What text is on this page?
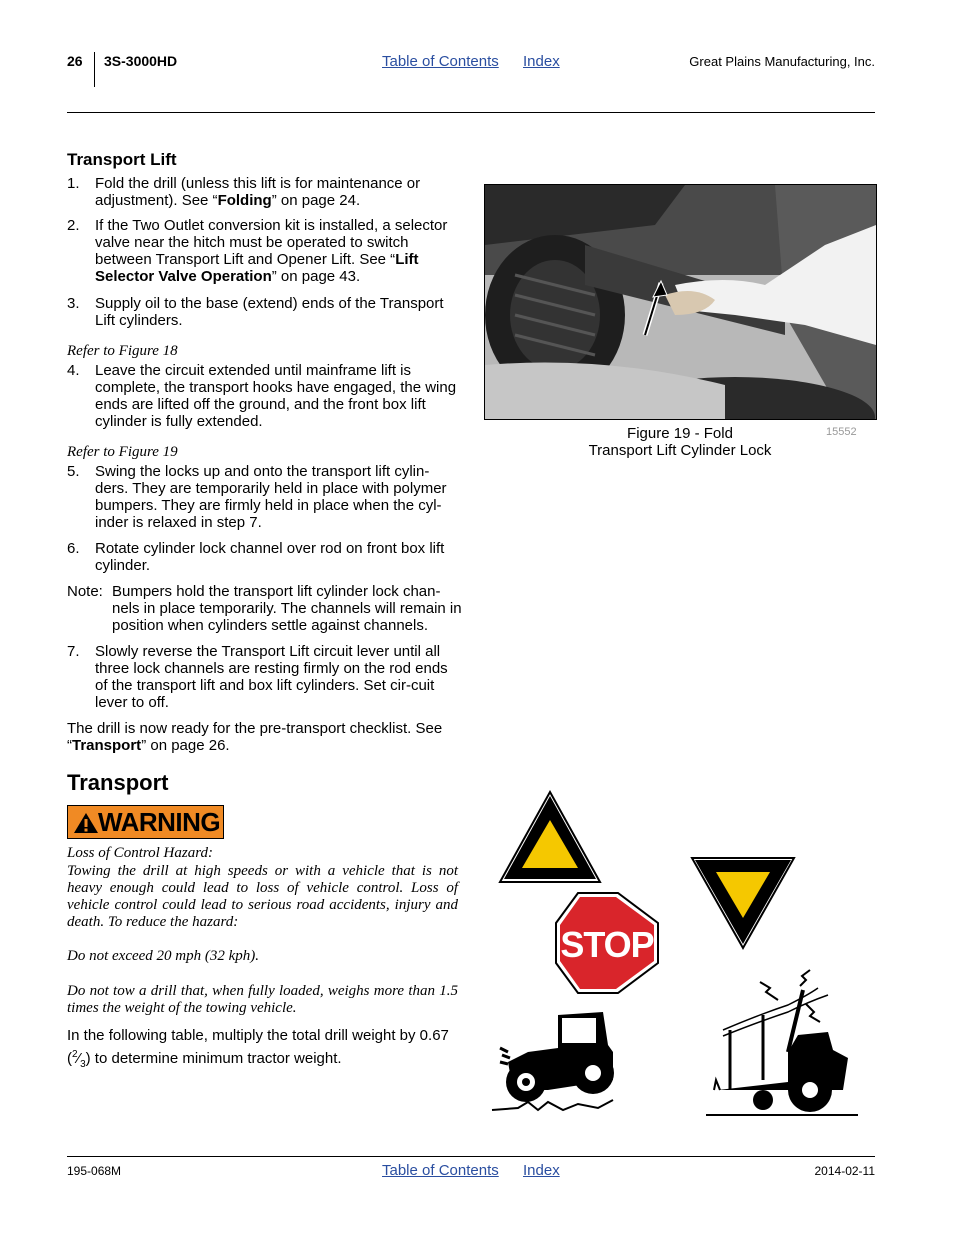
26 3S-3000HD	Table of Contents Index	Great Plains Manufacturing, Inc.
Transport Lift
1. Fold the drill (unless this lift is for maintenance or adjustment). See “Folding” on page 24.
2. If the Two Outlet conversion kit is installed, a selector valve near the hitch must be operated to switch between Transport Lift and Opener Lift. See “Lift Selector Valve Operation” on page 43.
3. Supply oil to the base (extend) ends of the Transport Lift cylinders.
Refer to Figure 18
4. Leave the circuit extended until mainframe lift is complete, the transport hooks have engaged, the wing ends are lifted off the ground, and the front box lift cylinder is fully extended.
Refer to Figure 19
5. Swing the locks up and onto the transport lift cylin-ders. They are temporarily held in place with polymer bumpers. They are firmly held in place when the cyl-inder is relaxed in step 7.
6. Rotate cylinder lock channel over rod on front box lift cylinder.
Note: Bumpers hold the transport lift cylinder lock chan-nels in place temporarily. The channels will remain in position when cylinders settle against channels.
7. Slowly reverse the Transport Lift circuit lever until all three lock channels are resting firmly on the rod ends of the transport lift and box lift cylinders. Set cir-cuit lever to off.
The drill is now ready for the pre-transport checklist. See “Transport” on page 26.
Figure 19 - Fold
Transport Lift Cylinder Lock
15552
Transport
WARNING
Loss of Control Hazard:
Towing the drill at high speeds or with a vehicle that is not heavy enough could lead to loss of vehicle control. Loss of vehicle control could lead to serious road accidents, injury and death. To reduce the hazard:
Do not exceed 20 mph (32 kph).
Do not tow a drill that, when fully loaded, weighs more than 1.5 times the weight of the towing vehicle.
In the following table, multiply the total drill weight by 0.67 $(^2⁄_3)$ to determine minimum tractor weight.
STOP
195-068M	Table of Contents Index	2014-02-11
